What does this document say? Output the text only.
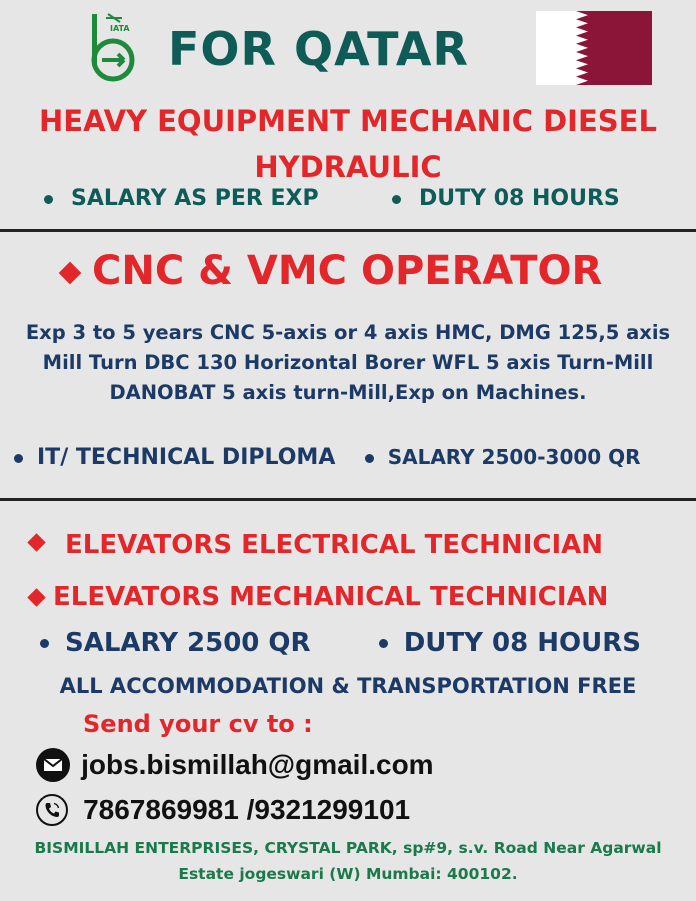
IATA FOR QATAR
HEAVY EQUIPMENT MECHANIC DIESEL
HYDRAULIC
SALARY AS PER EXP	DUTY 08 HOURS
CNC & VMC OPERATOR
Exp 3 to 5 years CNC 5-axis or 4 axis HMC, DMG 125,5 axis
Mill Turn DBC 130 Horizontal Borer WFL 5 axis Turn-Mill
DANOBAT 5 axis turn-Mill,Exp on Machines.
IT/ TECHNICAL DIPLOMA	SALARY 2500-3000 QR
ELEVATORS ELECTRICAL TECHNICIAN
ELEVATORS MECHANICAL TECHNICIAN
SALARY 2500 QR	DUTY 08 HOURS
ALL ACCOMMODATION & TRANSPORTATION FREE
Send your cv to :
jobs.bismillah@gmail.com
7867869981 /9321299101
BISMILLAH ENTERPRISES, CRYSTAL PARK, sp#9, s.v. Road Near Agarwal
Estate jogeswari (W) Mumbai: 400102.
